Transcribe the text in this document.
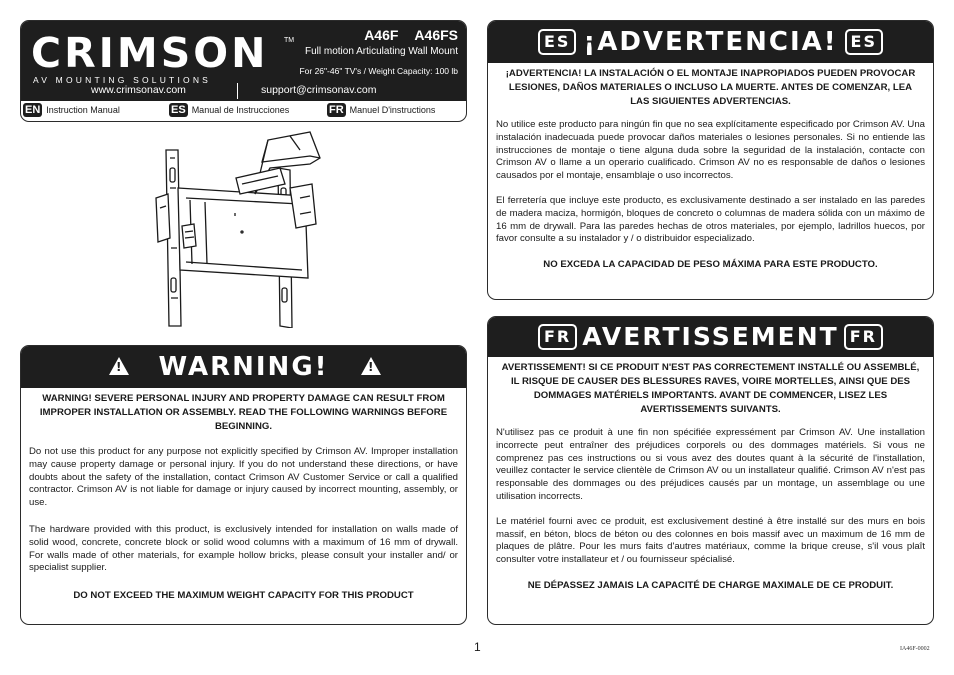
CRIMSON
AV MOUNTING SOLUTIONS
TM	A46F A46FS
Full motion Articulating Wall Mount
For 26"-46" TV's / Weight Capacity: 100 lb
www.crimsonav.com	support@crimsonav.com
EN Instruction Manual	ES Manual de Instrucciones	FR Manuel D'instructions
!
WARNING!
!

WARNING! SEVERE PERSONAL INJURY AND PROPERTY DAMAGE CAN RESULT FROM IMPROPER INSTALLATION OR ASSEMBLY. READ THE FOLLOWING WARNINGS BEFORE BEGINNING.

Do not use this product for any purpose not explicitly specified by Crimson AV. Improper installation may cause property damage or personal injury. If you do not understand these directions, or have doubts about the safety of the installation, contact Crimson AV Customer Service or call a qualified contractor. Crimson AV is not liable for damage or injury caused by incorrect mounting, assembly, or use.

The hardware provided with this product, is exclusively intended for installation on walls made of solid wood, concrete, concrete block or solid wood columns with a maximum of 16 mm of drywall. For walls made of other materials, for example hollow bricks, please consult your installer and/ or specialist supplier.

DO NOT EXCEED THE MAXIMUM WEIGHT CAPACITY FOR THIS PRODUCT

ES ¡ADVERTENCIA! ES

¡ADVERTENCIA! LA INSTALACIÓN O EL MONTAJE INAPROPIADOS PUEDEN PROVOCAR LESIONES, DAÑOS MATERIALES O INCLUSO LA MUERTE. ANTES DE COMENZAR, LEA LAS SIGUIENTES ADVERTENCIAS.

No utilice este producto para ningún fin que no sea explícitamente especificado por Crimson AV. Una instalación inadecuada puede provocar daños materiales o lesiones personales. Si no entiende las instrucciones de montaje o tiene alguna duda sobre la seguridad de la instalación, contacte con Crimson AV o llame a un operario cualificado. Crimson AV no es responsable de daños o lesiones causados por el montaje, ensamblaje o uso incorrectos.

El ferretería que incluye este producto, es exclusivamente destinado a ser instalado en las paredes de madera maciza, hormigón, bloques de concreto o columnas de madera sólida con un máximo de 16 mm de drywall. Para las paredes hechas de otros materiales, por ejemplo, ladrillos huecos, por favor consulte a su instalador y / o distribuidor especializado.

NO EXCEDA LA CAPACIDAD DE PESO MÁXIMA PARA ESTE PRODUCTO.

FR AVERTISSEMENT FR

AVERTISSEMENT! SI CE PRODUIT N'EST PAS CORRECTEMENT INSTALLÉ OU ASSEMBLÉ, IL RISQUE DE CAUSER DES BLESSURES RAVES, VOIRE MORTELLES, AINSI QUE DES DOMMAGES MATÉRIELS IMPORTANTS. AVANT DE COMMENCER, LISEZ LES AVERTISSEMENTS SUIVANTS.

N'utilisez pas ce produit à une fin non spécifiée expressément par Crimson AV. Une installation incorrecte peut entraîner des préjudices corporels ou des dommages matériels. Si vous ne comprenez pas ces instructions ou si vous avez des doutes quant à la sécurité de l'installation, veuillez contacter le service clientèle de Crimson AV ou un installateur qualifié. Crimson AV n'est pas responsable des dommages ou des préjudices causés par un montage, un assemblage ou une utilisation incorrects.

Le matériel fourni avec ce produit, est exclusivement destiné à être installé sur des murs en bois massif, en béton, blocs de béton ou des colonnes en bois massif avec un maximum de 16 mm de plaques de plâtre. Pour les murs faits d'autres matériaux, comme la brique creuse, s'il vous plaît consulter votre installateur et / ou fournisseur spécialisé.

NE DÉPASSEZ JAMAIS LA CAPACITÉ DE CHARGE MAXIMALE DE CE PRODUIT.

1	IA46F-0002
